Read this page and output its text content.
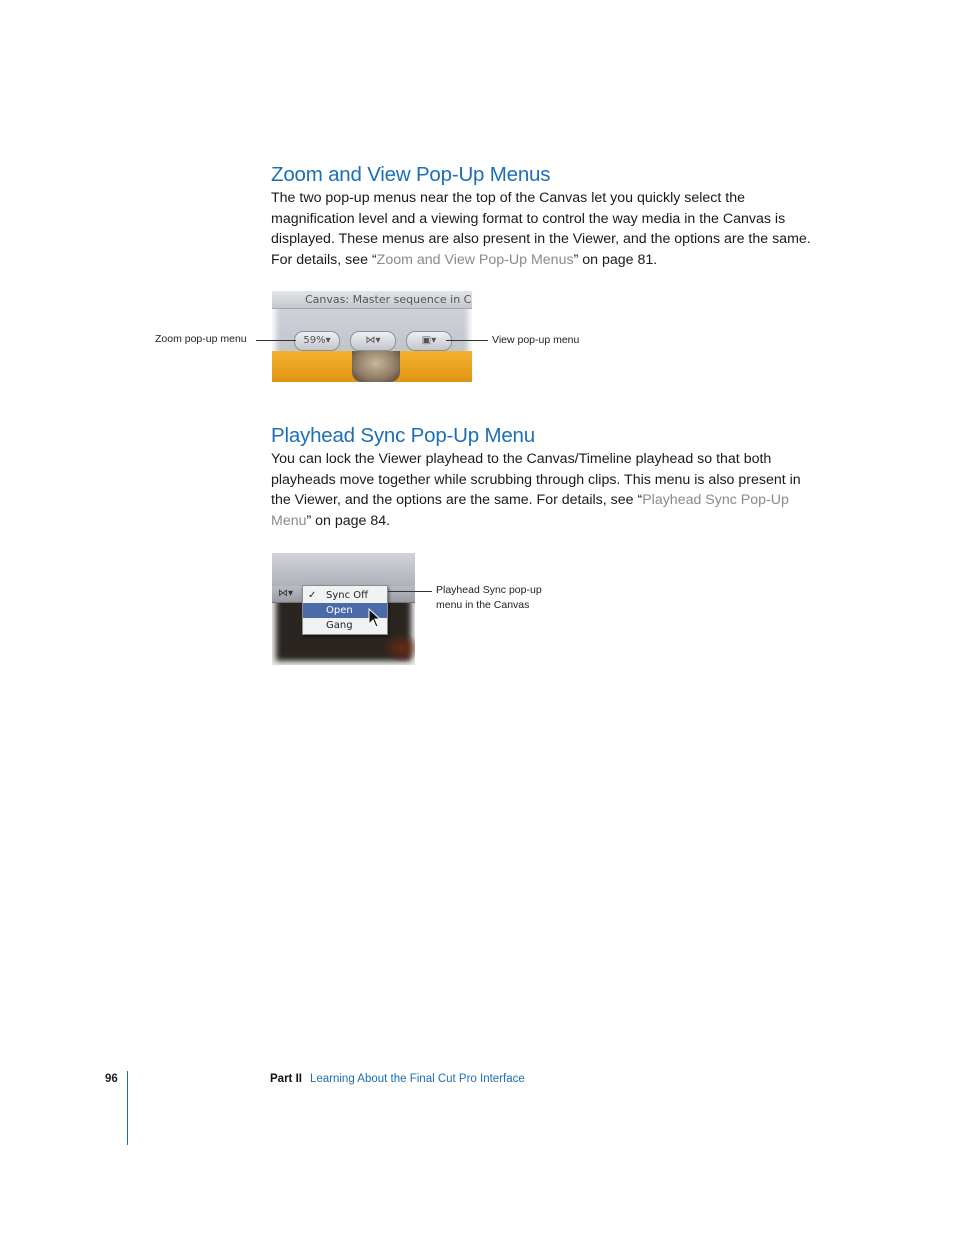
Zoom and View Pop-Up Menus

The two pop-up menus near the top of the Canvas let you quickly select the magnification level and a viewing format to control the way media in the Canvas is displayed. These menus are also present in the Viewer, and the options are the same. For details, see “Zoom and View Pop-Up Menus” on page 81.

Canvas: Master sequence in C
59%▾	⋈▾	▣▾
Zoom pop-up menu	View pop-up menu
Playhead Sync Pop-Up Menu

You can lock the Viewer playhead to the Canvas/Timeline playhead so that both playheads move together while scrubbing through clips. This menu is also present in the Viewer, and the options are the same. For details, see “Playhead Sync Pop-Up Menu” on page 84.

⋈▾	✓ Sync Off
Open
Gang
Playhead Sync pop-up
menu in the Canvas
96	Part II Learning About the Final Cut Pro Interface
